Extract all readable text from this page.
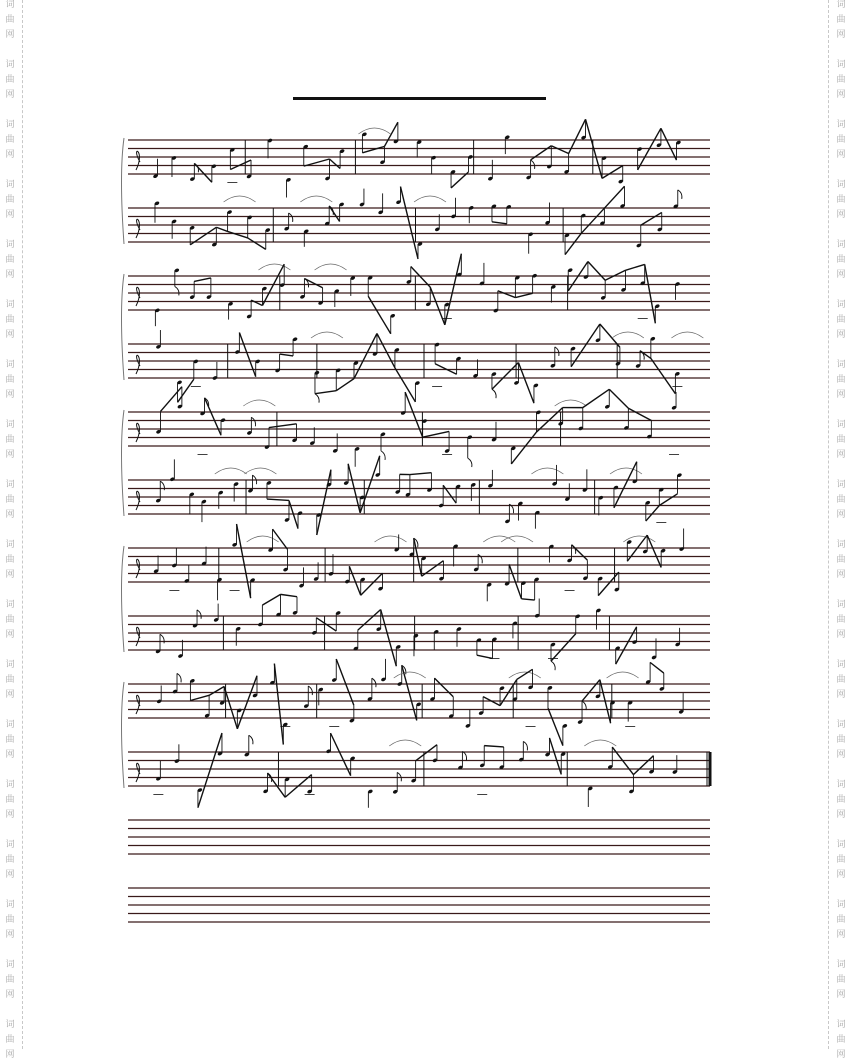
词
曲
网
词
曲
网
词
曲
网
词
曲
网
词
曲
网
词
曲
网
词
曲
网
词
曲
网
词
曲
网
词
曲
网
词
曲
网
词
曲
网
词
曲
网
词
曲
网
词
曲
网
词
曲
网
词
曲
网
词
曲
网
词
曲
网
词
曲
网
词
曲
网
词
曲
网
词
曲
网
词
曲
网
词
曲
网
词
曲
网
词
曲
网
词
曲
网
词
曲
网
词
曲
网
词
曲
网
词
曲
网
词
曲
网
词
曲
网
词
曲
网
词
曲
网
